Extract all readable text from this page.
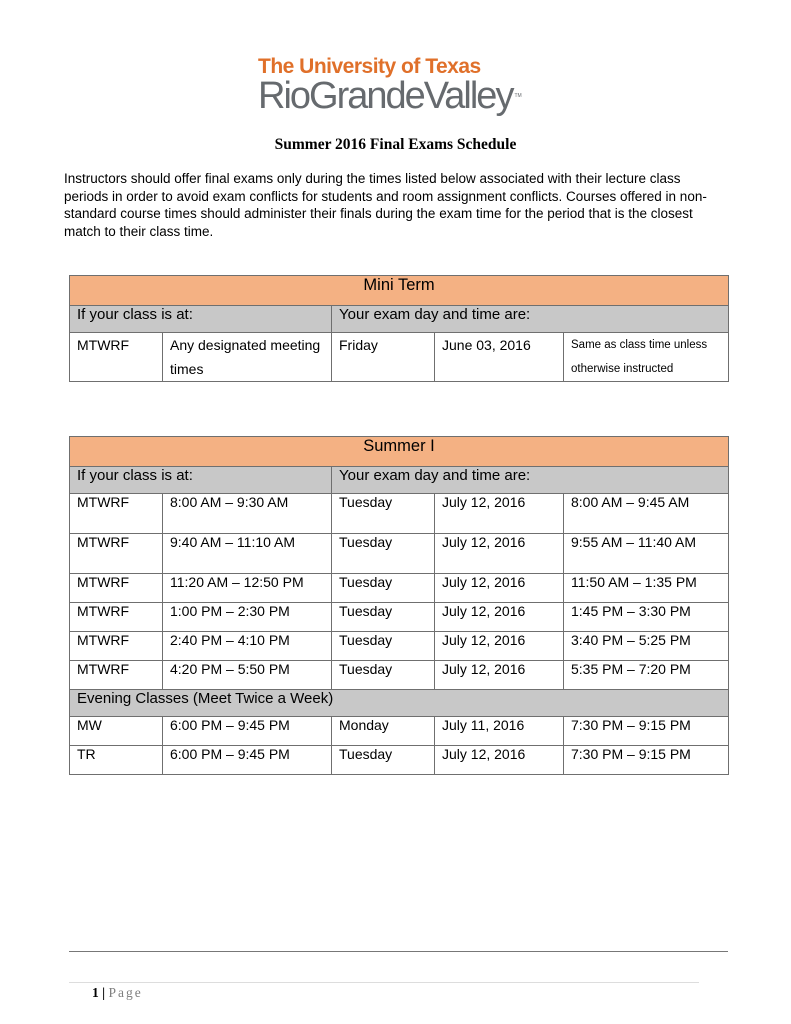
The University of Texas
RioGrandeValley ™
Summer 2016 Final Exams Schedule
Instructors should offer final exams only during the times listed below associated with their lecture class periods in order to avoid exam conflicts for students and room assignment conflicts. Courses offered in non-standard course times should administer their finals during the exam time for the period that is the closest match to their class time.
Mini Term				
If your class is at:		Your exam day and time are:		
MTWRF	Any designated meeting times	Friday	June 03, 2016	Same as class time unless otherwise instructed
Summer I				
If your class is at:		Your exam day and time are:		
MTWRF	8:00 AM – 9:30 AM	Tuesday	July 12, 2016	8:00 AM – 9:45 AM
MTWRF	9:40 AM – 11:10 AM	Tuesday	July 12, 2016	9:55 AM – 11:40 AM
MTWRF	11:20 AM – 12:50 PM	Tuesday	July 12, 2016	11:50 AM – 1:35 PM
MTWRF	1:00 PM – 2:30 PM	Tuesday	July 12, 2016	1:45 PM – 3:30 PM
MTWRF	2:40 PM – 4:10 PM	Tuesday	July 12, 2016	3:40 PM – 5:25 PM
MTWRF	4:20 PM – 5:50 PM	Tuesday	July 12, 2016	5:35 PM – 7:20 PM
Evening Classes (Meet Twice a Week)				
MW	6:00 PM – 9:45 PM	Monday	July 11, 2016	7:30 PM – 9:15 PM
TR	6:00 PM – 9:45 PM	Tuesday	July 12, 2016	7:30 PM – 9:15 PM
1 | Page
